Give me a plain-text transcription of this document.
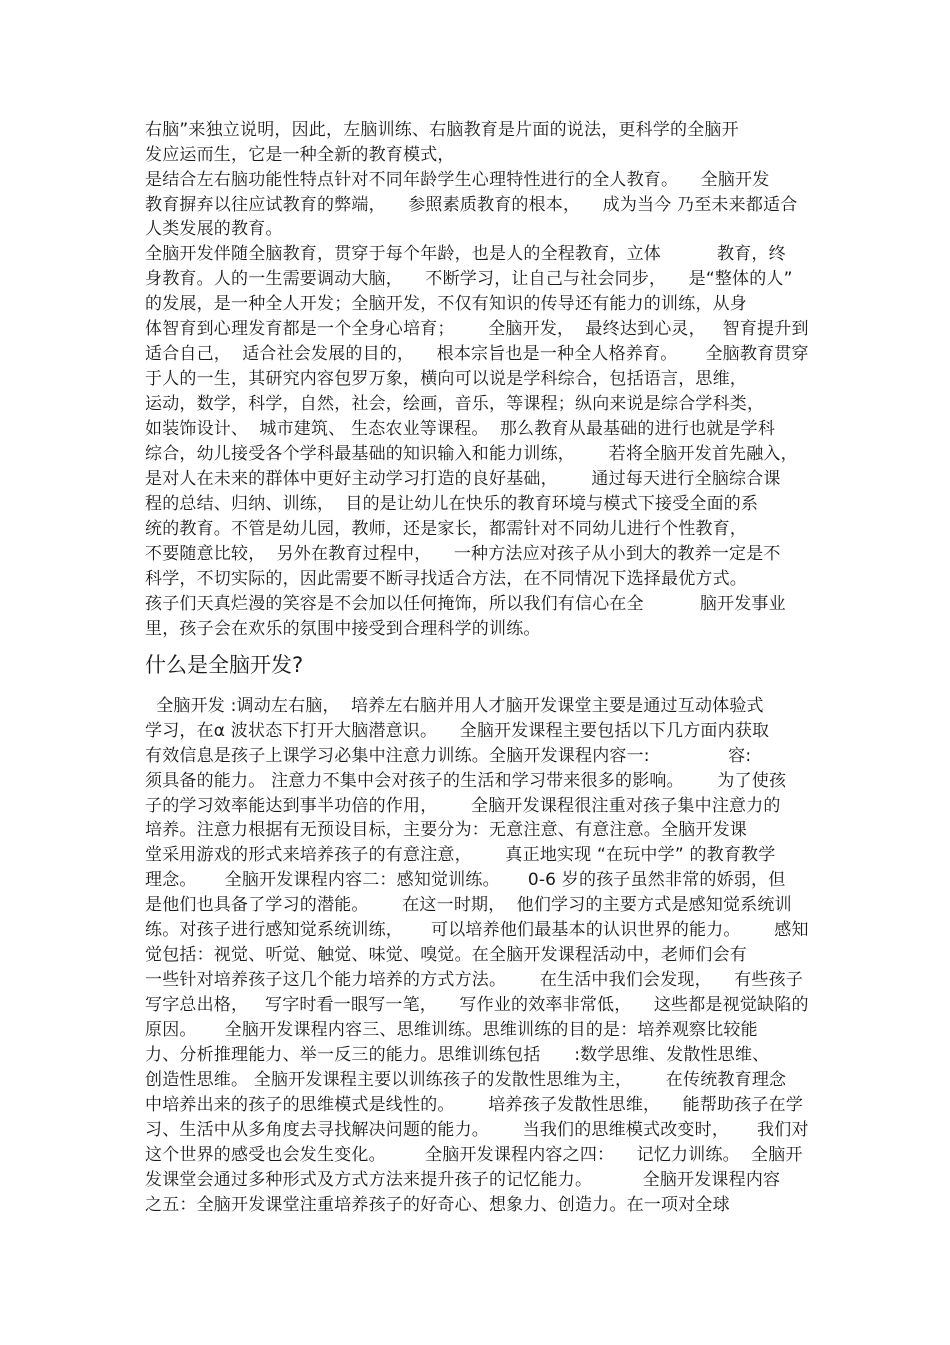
右脑”来独立说明，因此，左脑训练、右脑教育是片面的说法，更科学的全脑开
发应运而生，它是一种全新的教育模式，
是结合左右脑功能性特点针对不同年龄学生心理特性进行的全人教育。    全脑开发
教育摒弃以往应试教育的弊端，    参照素质教育的根本，    成为当今 乃至未来都适合
人类发展的教育。
全脑开发伴随全脑教育，贯穿于每个年龄，也是人的全程教育，立体          教育，终
身教育。人的一生需要调动大脑，    不断学习，让自己与社会同步，    是“整体的人”
的发展，是一种全人开发；全脑开发，不仅有知识的传导还有能力的训练，从身
体智育到心理发育都是一个全身心培育；      全脑开发，  最终达到心灵，   智育提升到
适合自己，  适合社会发展的目的，    根本宗旨也是一种全人格养育。     全脑教育贯穿
于人的一生，其研究内容包罗万象，横向可以说是学科综合，包括语言，思维，
运动，数学，科学，自然，社会，绘画，音乐，等课程；纵向来说是综合学科类，
如装饰设计、  城市建筑、 生态农业等课程。  那么教育从最基础的进行也就是学科
综合，幼儿接受各个学科最基础的知识输入和能力训练，      若将全脑开发首先融入，
是对人在未来的群体中更好主动学习打造的良好基础，      通过每天进行全脑综合课
程的总结、归纳、训练，  目的是让幼儿在快乐的教育环境与模式下接受全面的系
统的教育。不管是幼儿园，教师，还是家长，都需针对不同幼儿进行个性教育，
不要随意比较，  另外在教育过程中，    一种方法应对孩子从小到大的教养一定是不
科学，不切实际的，因此需要不断寻找适合方法，在不同情况下选择最优方式。
孩子们天真烂漫的笑容是不会加以任何掩饰，所以我们有信心在全          脑开发事业
里，孩子会在欢乐的氛围中接受到合理科学的训练。
什么是全脑开发?
全脑开发 :调动左右脑，  培养左右脑并用人才脑开发课堂主要是通过互动体验式
学习，在α 波状态下打开大脑潜意识。    全脑开发课程主要包括以下几方面内获取
有效信息是孩子上课学习必集中注意力训练。全脑开发课程内容一:              容:
须具备的能力。 注意力不集中会对孩子的生活和学习带来很多的影响。      为了使孩
子的学习效率能达到事半功倍的作用，      全脑开发课程很注重对孩子集中注意力的
培养。注意力根据有无预设目标，主要分为：无意注意、有意注意。全脑开发课
堂采用游戏的形式来培养孩子的有意注意，      真正地实现 “在玩中学” 的教育教学
理念。     全脑开发课程内容二：感知觉训练。     0-6 岁的孩子虽然非常的娇弱，但
是他们也具备了学习的潜能。      在这一时期，  他们学习的主要方式是感知觉系统训
练。对孩子进行感知觉系统训练，     可以培养他们最基本的认识世界的能力。      感知
觉包括：视觉、听觉、触觉、味觉、嗅觉。在全脑开发课程活动中，老师们会有
一些针对培养孩子这几个能力培养的方式方法。      在生活中我们会发现，    有些孩子
写字总出格，   写字时看一眼写一笔，    写作业的效率非常低，    这些都是视觉缺陷的
原因。     全脑开发课程内容三、思维训练。思维训练的目的是：培养观察比较能
力、分析推理能力、举一反三的能力。思维训练包括      :数学思维、发散性思维、
创造性思维。 全脑开发课程主要以训练孩子的发散性思维为主，      在传统教育理念
中培养出来的孩子的思维模式是线性的。      培养孩子发散性思维，    能帮助孩子在学
习、生活中从多角度去寻找解决问题的能力。      当我们的思维模式改变时，     我们对
这个世界的感受也会发生变化。       全脑开发课程内容之四：    记忆力训练。  全脑开
发课堂会通过多种形式及方式方法来提升孩子的记忆能力。         全脑开发课程内容
之五：全脑开发课堂注重培养孩子的好奇心、想象力、创造力。在一项对全球
